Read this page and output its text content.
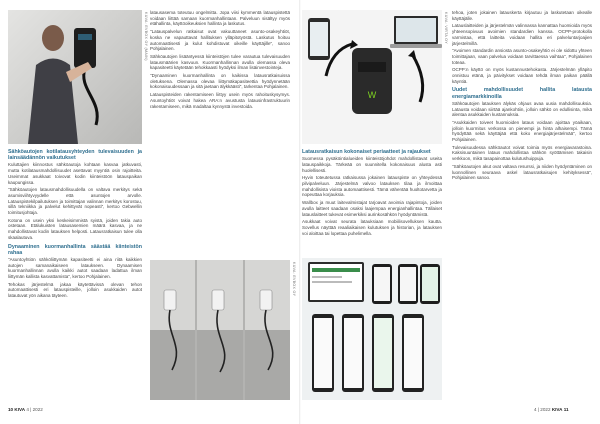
KUVA: EVBOX OY (MAIN)
Sähköautojen kotilatausyhteyden tulevaisuuden ja lainsäädännön vaikutukset

Kuluttajien kiinnostus sähköautoja kohtaan kasvaa jatkuvasti, mutta kotilatausmahdollisuudet asettavat myyntiä osin rajoitteita. Useimmat asukkaat toivovat kodin kiinteistöön latauspaikan kaupungissa.

"Sähköautojen latausmahdollisuudella on valtava merkitys sekä asumisviihtyvyydelle että asuntojen arvolle. Latauspistekilpailutuksen ja toimittajan valinnan merkitys korostuu, sillä tekniikka ja palvelut kehittyvät nopeasti", kertoo Gebwellin toimitusjohtaja.

Kotona on usein yksi keskeisimmistä syistä, joiden takia auto ostetaan. Etälukuisten latausasemien määrä kasvaa, ja ne mahdollistavat kodin latauksen helposti. Latausratkaisun tulee olla skaalautuva.

Dynaaminen kuormanhallinta säästää kiinteistön rahaa

"Asuntoyhtiön sähköliittymän kapasiteetti ei aina riitä kaikkien autojen samanaikaiseen lataukseen. Dynaamisen kuormanhallinnan avulla kaikki autot saadaan ladattua ilman liittymän kallista kasvattamista", kertoo Pohjalainen.

Tehokas järjestelmä jakaa käytettävissä olevan tehon automaattisesti eri latauspisteille, jolloin asukkaiden autot latautuvat yön aikana täyteen.

latausasema toteutuu ongelmitta. Jopa viisi kymmentä latauspistettä voidaan liittää samaan kuormanhallintaan. Palveluun sisältyy myös etähallinta, käyttöoikeuksien hallinta ja laskutus.

"Latauspalvelun ratkaisut ovat vakuuttaneet asunto-osakeyhtiöt, koska ne vapauttavat hallituksen ylläpitotyöstä. Laskutus hoituu automaattisesti ja kulut kohdistuvat oikeille käyttäjille", sanoo Pohjalainen.

Sähköautojen lisääntyessä kiinteistöjen tulee varautua tulevaisuuden latausmäärien kasvuun. Kuormanhallinnan avulla olemassa oleva kapasiteetti käytetään tehokkaasti hyödyksi ilman lisäinvestointeja.

"Dynaaminen kuormanhallinta on kaikissa latausratkaisuissa oletuksena. Olemassa olevaa liittymäkapasiteettia hyödynnetään kokonaisuudessaan ja sitä jaetaan älykkäästi", tarkentaa Pohjalainen.

Latauspisteiden rakentamiseen liittyy usein myös rahoituskysymys. Asuntoyhtiöt voivat hakea ARA:n avustusta latausinfrastruktuurin rakentamiseen, mikä madaltaa kynnystä investoida.

KUVA: EVBOX OY
10 KIVA 4 | 2022
W
KUVA: VIRTA OY
Latausratkaisun kokonaiset periaatteet ja rajaukset

Suomessa pysäköintialueiden kiinteistöjohdot mahdollistavat useita latauspaikkoja. Tärkeää on suunnitella kokonaisuus alusta asti huolellisesti.

Hyvin toteutetussa ratkaisussa jokainen latauspiste on yhteydessä pilvipalveluun. Järjestelmä valvoo latauksen tilaa ja ilmoittaa mahdollisista vioista automaattisesti. Tämä vähentää huoltotarvetta ja nopeuttaa korjauksia.

Wallbox ja muut laitevalmistajat tarjoavat avoimia rajapintoja, joiden avulla laitteet saadaan osaksi laajempaa energianhallintaa. Tällaiset latauslaitteet tukevat esimerkiksi aurinkosähkön hyödyntämistä.

Asukkaat voivat seurata latauksiaan mobiilisovelluksen kautta. Sovellus näyttää reaaliaikaisen kulutuksen ja historian, ja latauksen voi aloittaa tai lopettaa puhelimella.

tehoa, joten jokainen latauskerta kirjautuu ja laskutetaan oikealle käyttäjälle.

Latauslaitteiden ja järjestelmän valinnassa kannattaa huomioida myös yhteensopivuus avoimien standardien kanssa. OCPP-protokolla varmistaa, että laitteita voidaan hallita eri palveluntarjoajien järjestelmillä.

"Avoimen standardin ansiosta asunto-osakeyhtiö ei ole sidottu yhteen toimittajaan, vaan palvelua voidaan tarvittaessa vaihtaa", Pohjalainen toteaa.

OCPP:n käyttö on myös kustannustehokasta. Järjestelmän ylläpito onnistuu etänä, ja päivitykset voidaan tehdä ilman paikan päällä käyntiä.

Uudet mahdollisuudet hallita latausta energiamarkkinoilla

Sähköautojen latauksen älykäs ohjaus avaa uusia mahdollisuuksia. Latausta voidaan siirtää ajankohtiin, jolloin sähkö on edullisinta, mikä alentaa asukkaiden kustannuksia.

"Asukkaiden toiveet huomioiden lataus voidaan ajoittaa yöaikaan, jolloin kuormitus verkossa on pienempi ja hinta alhaisempi. Tämä hyödyttää sekä käyttäjää että koko energiajärjestelmää", kertoo Pohjalainen.

Tulevaisuudessa sähköautot voivat toimia myös energiavarastoina. Kaksisuuntainen lataus mahdollistaa sähkön syöttämisen takaisin verkkoon, mikä tasapainottaa kulutushuippuja.

"Sähköautojen akut ovat valtava resurssi, ja niiden hyödyntäminen on luonnollinen seuraava askel latausratkaisujen kehityksessä", Pohjalainen sanoo.

4 | 2022 KIVA 11
